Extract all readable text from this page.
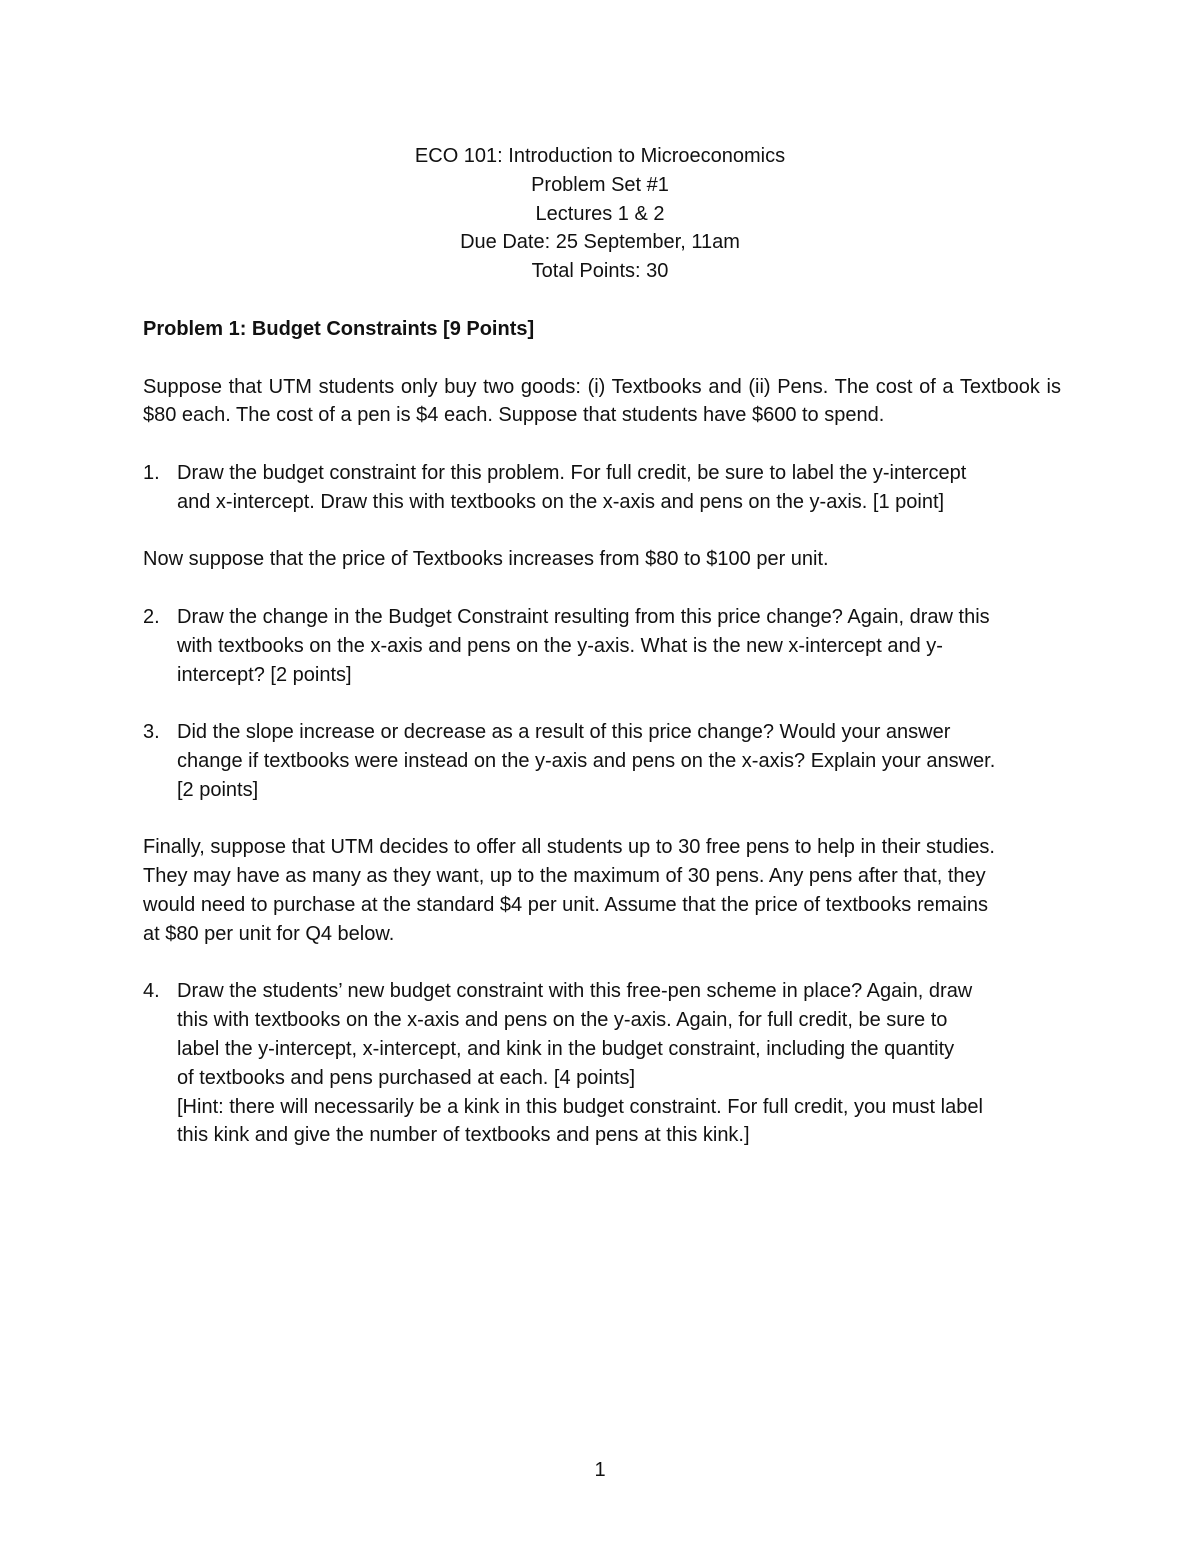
ECO 101: Introduction to Microeconomics
Problem Set #1
Lectures 1 & 2
Due Date: 25 September, 11am
Total Points: 30
Problem 1: Budget Constraints [9 Points]
Suppose that UTM students only buy two goods: (i) Textbooks and (ii) Pens. The cost of a Textbook is $80 each. The cost of a pen is $4 each. Suppose that students have $600 to spend.
1. Draw the budget constraint for this problem. For full credit, be sure to label the y-intercept
and x-intercept. Draw this with textbooks on the x-axis and pens on the y-axis. [1 point]
Now suppose that the price of Textbooks increases from $80 to $100 per unit.
2. Draw the change in the Budget Constraint resulting from this price change? Again, draw this
with textbooks on the x-axis and pens on the y-axis. What is the new x-intercept and y-
intercept? [2 points]
3. Did the slope increase or decrease as a result of this price change? Would your answer
change if textbooks were instead on the y-axis and pens on the x-axis? Explain your answer.
[2 points]
Finally, suppose that UTM decides to offer all students up to 30 free pens to help in their studies.
They may have as many as they want, up to the maximum of 30 pens. Any pens after that, they
would need to purchase at the standard $4 per unit. Assume that the price of textbooks remains
at $80 per unit for Q4 below.
4. Draw the students’ new budget constraint with this free-pen scheme in place? Again, draw
this with textbooks on the x-axis and pens on the y-axis. Again, for full credit, be sure to
label the y-intercept, x-intercept, and kink in the budget constraint, including the quantity
of textbooks and pens purchased at each. [4 points]
[Hint: there will necessarily be a kink in this budget constraint. For full credit, you must label
this kink and give the number of textbooks and pens at this kink.]
1
